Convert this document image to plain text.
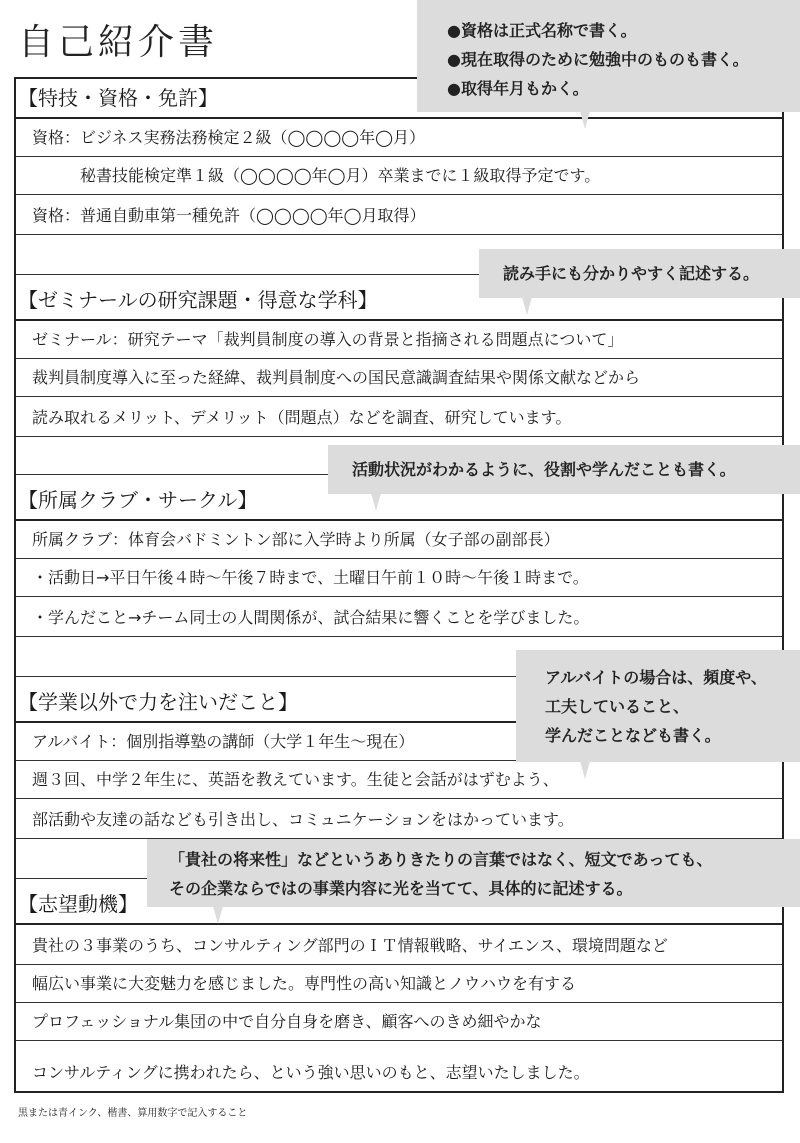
自己紹介書
【特技・資格・免許】
資格：ビジネス実務法務検定２級（◯◯◯◯年◯月）
秘書技能検定準１級（◯◯◯◯年◯月）卒業までに１級取得予定です。
資格：普通自動車第一種免許（◯◯◯◯年◯月取得）
【ゼミナールの研究課題・得意な学科】
ゼミナール：研究テーマ「裁判員制度の導入の背景と指摘される問題点について」
裁判員制度導入に至った経緯、裁判員制度への国民意識調査結果や関係文献などから
読み取れるメリット、デメリット（問題点）などを調査、研究しています。
【所属クラブ・サークル】
所属クラブ：体育会バドミントン部に入学時より所属（女子部の副部長）
・活動日→平日午後４時〜午後７時まで、土曜日午前１０時〜午後１時まで。
・学んだこと→チーム同士の人間関係が、試合結果に響くことを学びました。
【学業以外で力を注いだこと】
アルバイト：個別指導塾の講師（大学１年生〜現在）
週３回、中学２年生に、英語を教えています。生徒と会話がはずむよう、
部活動や友達の話なども引き出し、コミュニケーションをはかっています。
【志望動機】
貴社の３事業のうち、コンサルティング部門のＩＴ情報戦略、サイエンス、環境問題など
幅広い事業に大変魅力を感じました。専門性の高い知識とノウハウを有する
プロフェッショナル集団の中で自分自身を磨き、顧客へのきめ細やかな
コンサルティングに携われたら、という強い思いのもと、志望いたしました。
●資格は正式名称で書く。
●現在取得のために勉強中のものも書く。
●取得年月もかく。
読み手にも分かりやすく記述する。
活動状況がわかるように、役割や学んだことも書く。
アルバイトの場合は、頻度や、
工夫していること、
学んだことなども書く。
「貴社の将来性」などというありきたりの言葉ではなく、短文であっても、
その企業ならではの事業内容に光を当てて、具体的に記述する。
黒または青インク、楷書、算用数字で記入すること
